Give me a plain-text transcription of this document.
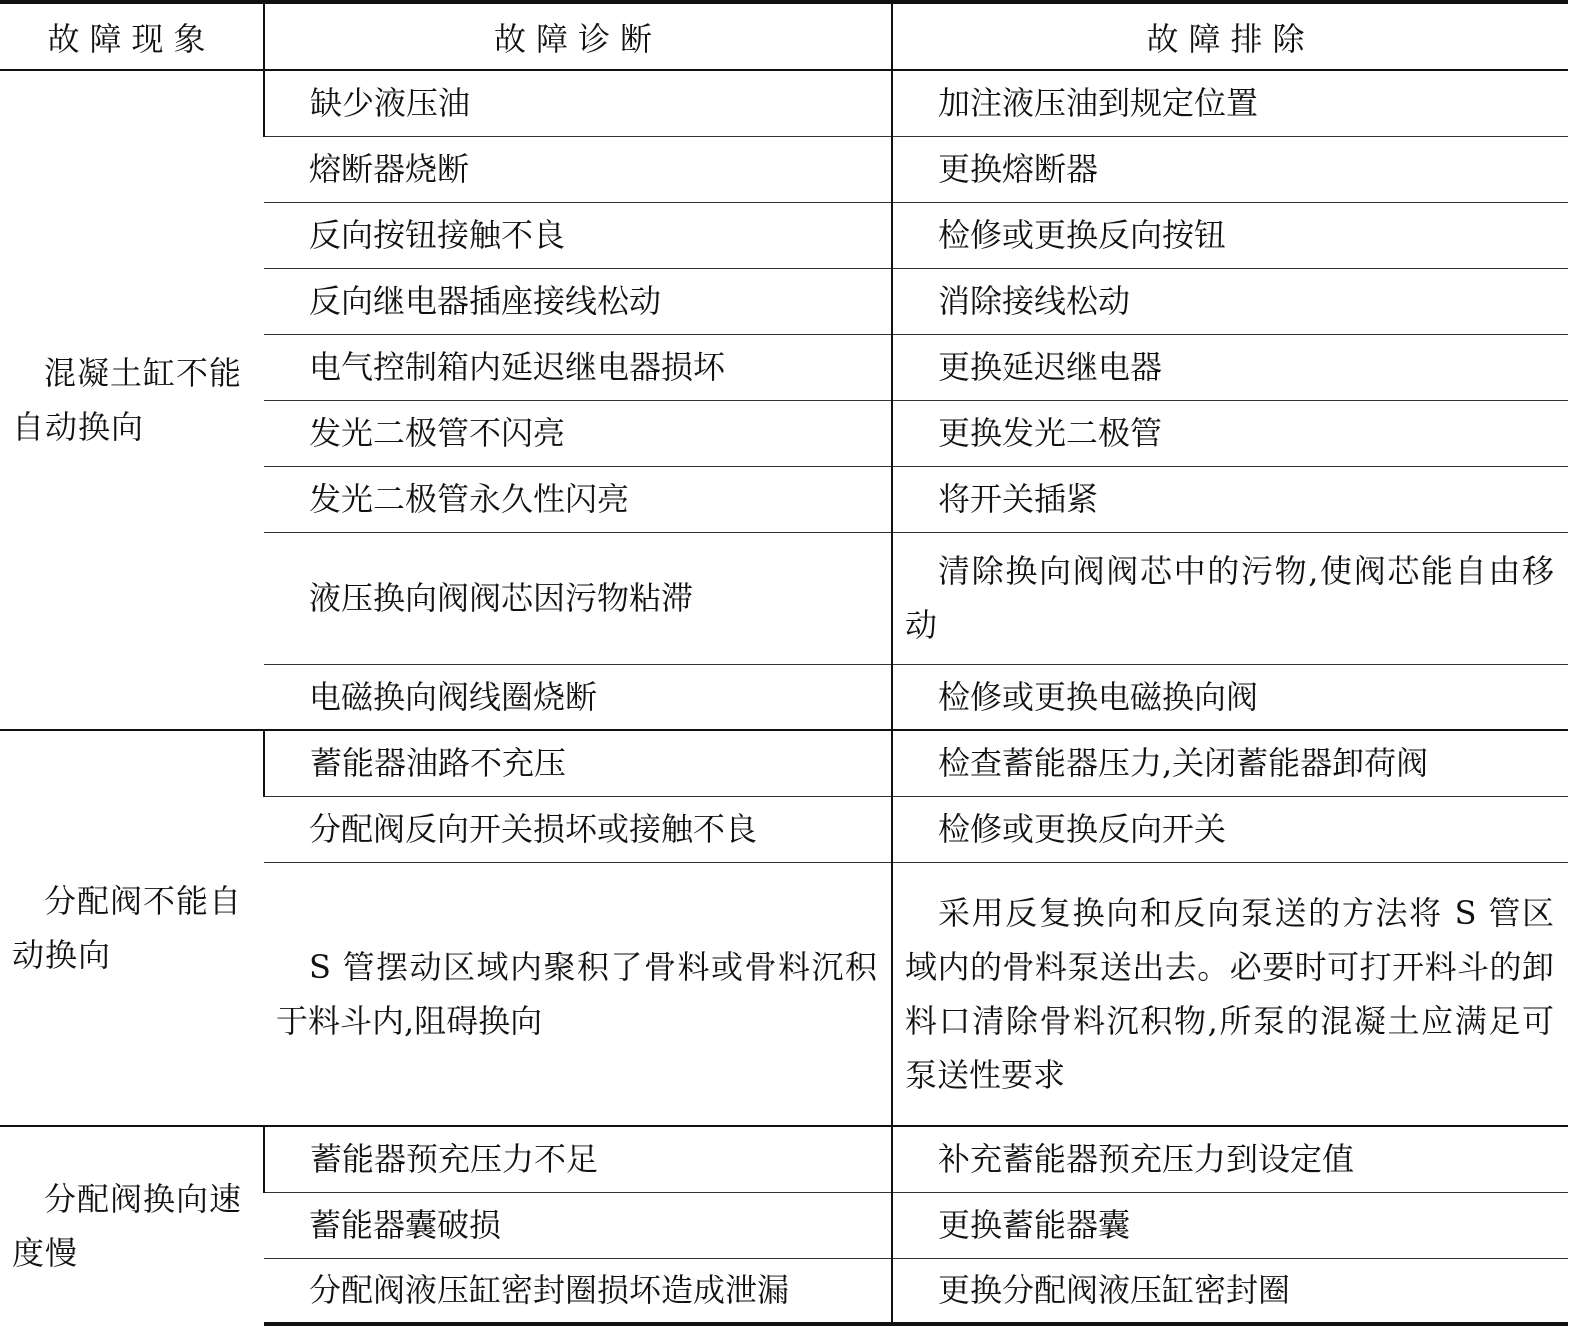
故障现象	故障诊断	故障排除
混凝土缸不能自动换向	缺少液压油	加注液压油到规定位置
	熔断器烧断	更换熔断器
	反向按钮接触不良	检修或更换反向按钮
	反向继电器插座接线松动	消除接线松动
	电气控制箱内延迟继电器损坏	更换延迟继电器
	发光二极管不闪亮	更换发光二极管
	发光二极管永久性闪亮	将开关插紧
	液压换向阀阀芯因污物粘滞	清除换向阀阀芯中的污物,使阀芯能自由移动
	电磁换向阀线圈烧断	检修或更换电磁换向阀
分配阀不能自动换向	蓄能器油路不充压	检查蓄能器压力,关闭蓄能器卸荷阀
	分配阀反向开关损坏或接触不良	检修或更换反向开关
	S 管摆动区域内聚积了骨料或骨料沉积于料斗内,阻碍换向	采用反复换向和反向泵送的方法将 S 管区域内的骨料泵送出去。必要时可打开料斗的卸料口清除骨料沉积物,所泵的混凝土应满足可泵送性要求
分配阀换向速度慢	蓄能器预充压力不足	补充蓄能器预充压力到设定值
	蓄能器囊破损	更换蓄能器囊
	分配阀液压缸密封圈损坏造成泄漏	更换分配阀液压缸密封圈
